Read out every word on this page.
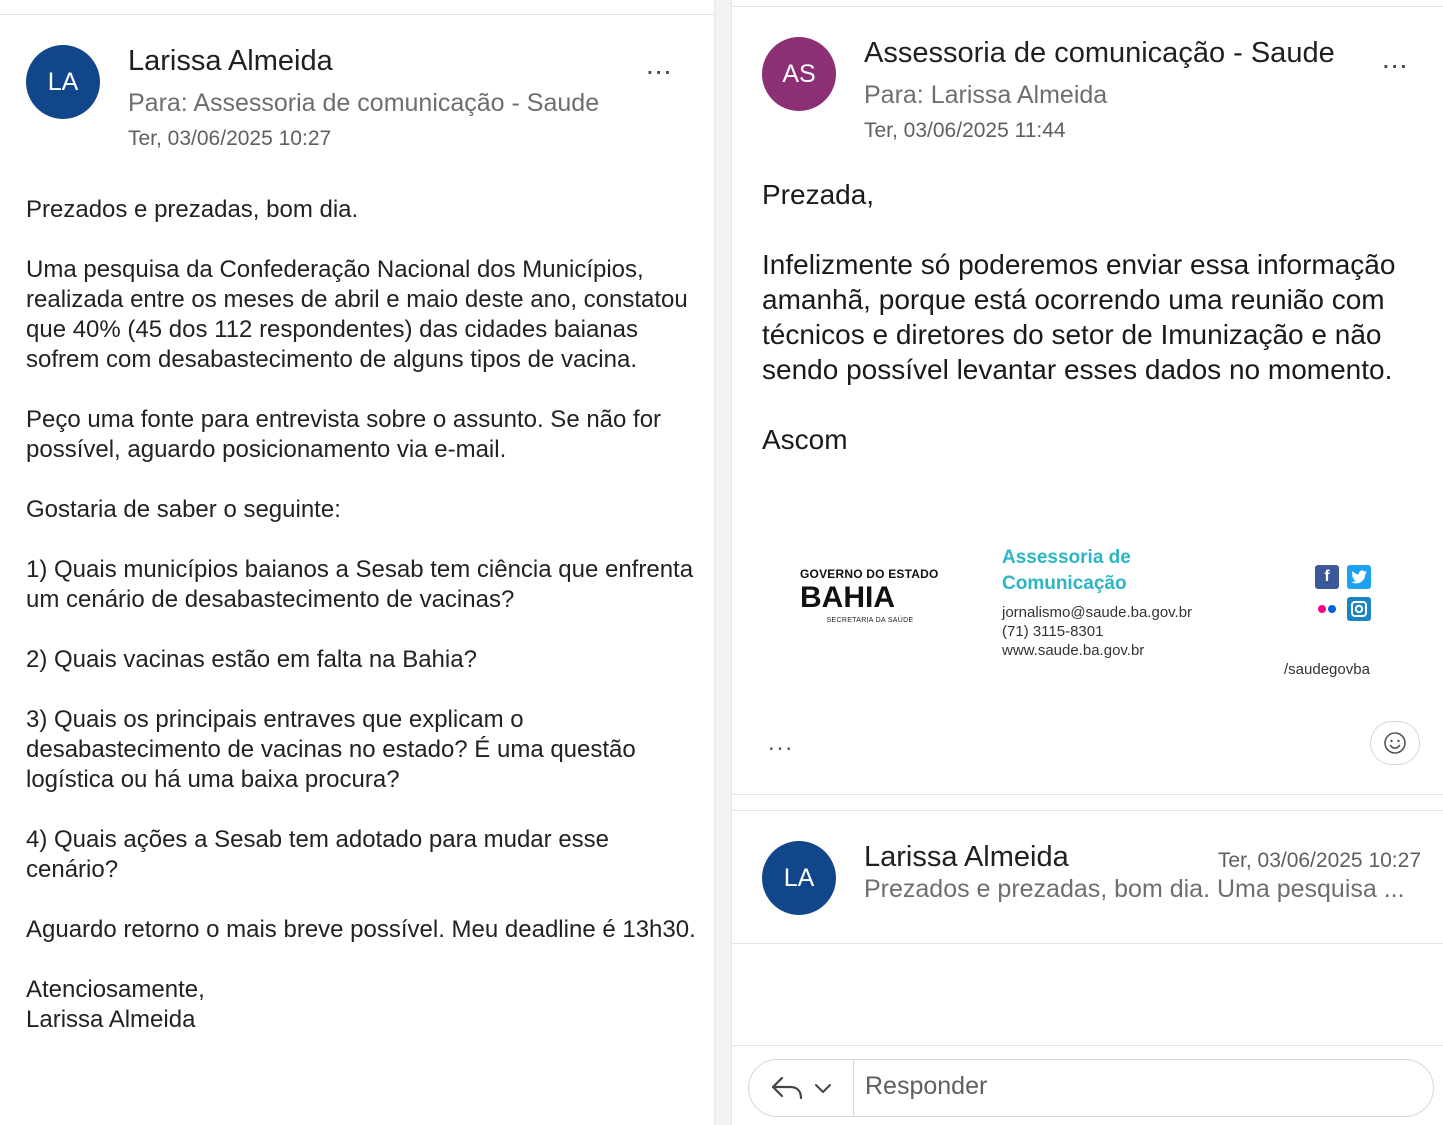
LA
Larissa Almeida
Para: Assessoria de comunicação - Saude
Ter, 03/06/2025 10:27
...

Prezados e prezadas, bom dia.

Uma pesquisa da Confederação Nacional dos Municípios, realizada entre os meses de abril e maio deste ano, constatou que 40% (45 dos 112 respondentes) das cidades baianas sofrem com desabastecimento de alguns tipos de vacina.

Peço uma fonte para entrevista sobre o assunto. Se não for possível, aguardo posicionamento via e-mail.

Gostaria de saber o seguinte:

1) Quais municípios baianos a Sesab tem ciência que enfrenta um cenário de desabastecimento de vacinas?

2) Quais vacinas estão em falta na Bahia?

3) Quais os principais entraves que explicam o desabastecimento de vacinas no estado? É uma questão logística ou há uma baixa procura?

4) Quais ações a Sesab tem adotado para mudar esse cenário?

Aguardo retorno o mais breve possível. Meu deadline é 13h30.

Atenciosamente,

Larissa Almeida

AS
Assessoria de comunicação - Saude
Para: Larissa Almeida
Ter, 03/06/2025 11:44
...

Prezada,

Infelizmente só poderemos enviar essa informação amanhã, porque está ocorrendo uma reunião com técnicos e diretores do setor de Imunização e não sendo possível levantar esses dados no momento.

Ascom

GOVERNO DO ESTADO
BAHIA
SECRETARIA DA SAÚDE
Assessoria de
Comunicação
jornalismo@saude.ba.gov.br
(71) 3115-8301
www.saude.ba.gov.br
f
/saudegovba
...
LA
Larissa Almeida	Ter, 03/06/2025 10:27
Prezados e prezadas, bom dia. Uma pesquisa ...
Responder
